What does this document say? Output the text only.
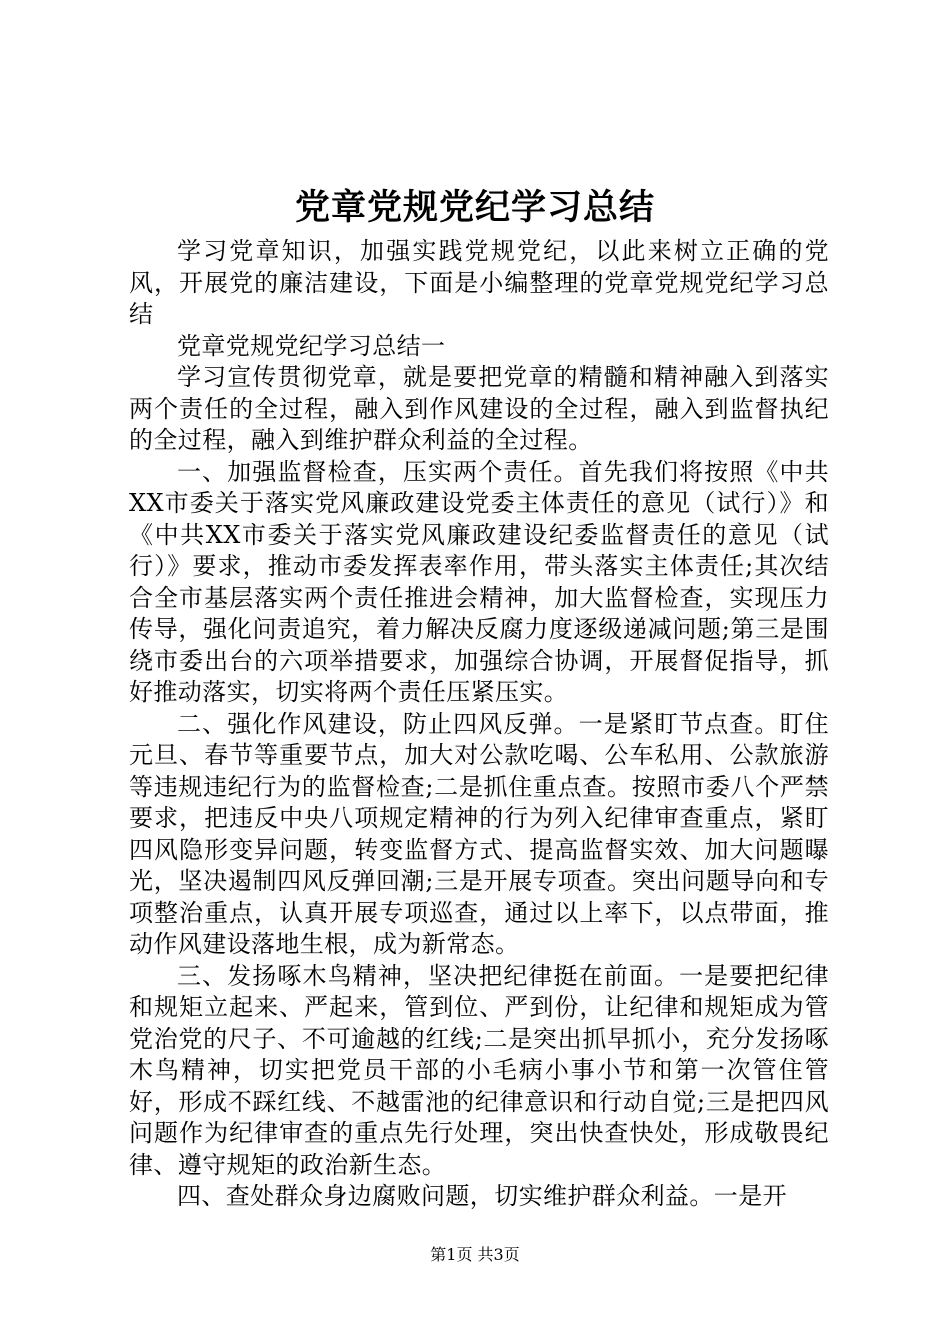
党章党规党纪学习总结

学习党章知识，加强实践党规党纪，以此来树立正确的党风，开展党的廉洁建设，下面是小编整理的党章党规党纪学习总结

党章党规党纪学习总结一

学习宣传贯彻党章，就是要把党章的精髓和精神融入到落实两个责任的全过程，融入到作风建设的全过程，融入到监督执纪的全过程，融入到维护群众利益的全过程。

一、加强监督检查，压实两个责任。首先我们将按照《中共XX市委关于落实党风廉政建设党委主体责任的意见（试行）》和《中共XX市委关于落实党风廉政建设纪委监督责任的意见（试行）》要求，推动市委发挥表率作用，带头落实主体责任;其次结合全市基层落实两个责任推进会精神，加大监督检查，实现压力传导，强化问责追究，着力解决反腐力度逐级递减问题;第三是围绕市委出台的六项举措要求，加强综合协调，开展督促指导，抓好推动落实，切实将两个责任压紧压实。

二、强化作风建设，防止四风反弹。一是紧盯节点查。盯住元旦、春节等重要节点，加大对公款吃喝、公车私用、公款旅游等违规违纪行为的监督检查;二是抓住重点查。按照市委八个严禁要求，把违反中央八项规定精神的行为列入纪律审查重点，紧盯四风隐形变异问题，转变监督方式、提高监督实效、加大问题曝光，坚决遏制四风反弹回潮;三是开展专项查。突出问题导向和专项整治重点，认真开展专项巡查，通过以上率下，以点带面，推动作风建设落地生根，成为新常态。

三、发扬啄木鸟精神，坚决把纪律挺在前面。一是要把纪律和规矩立起来、严起来，管到位、严到份，让纪律和规矩成为管党治党的尺子、不可逾越的红线;二是突出抓早抓小，充分发扬啄木鸟精神，切实把党员干部的小毛病小事小节和第一次管住管好，形成不踩红线、不越雷池的纪律意识和行动自觉;三是把四风问题作为纪律审查的重点先行处理，突出快查快处，形成敬畏纪律、遵守规矩的政治新生态。

四、查处群众身边腐败问题，切实维护群众利益。一是开

第1页 共3页
